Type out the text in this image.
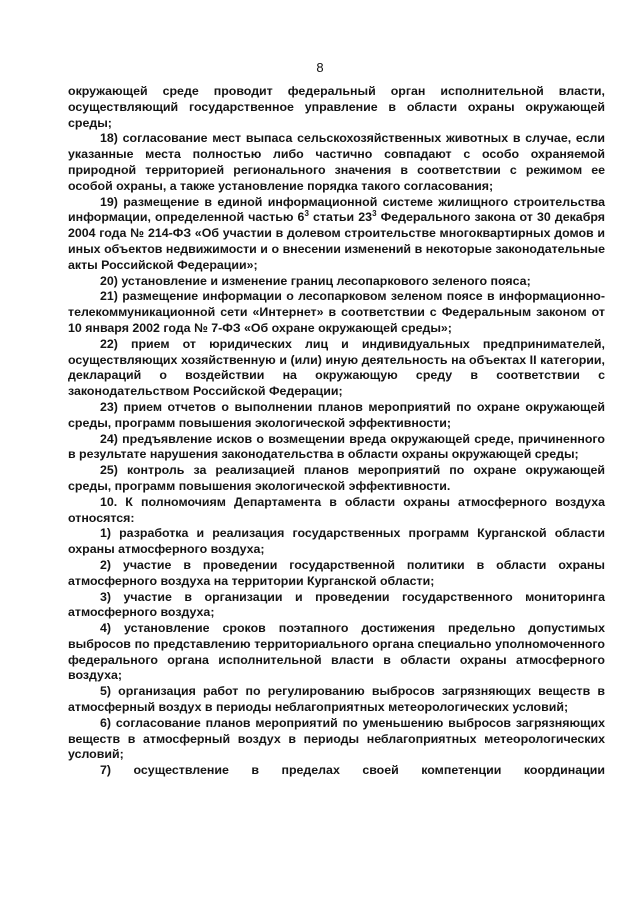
8

окружающей среде проводит федеральный орган исполнительной власти, осуществляющий государственное управление в области охраны окружающей среды;

18) согласование мест выпаса сельскохозяйственных животных в случае, если указанные места полностью либо частично совпадают с особо охраняемой природной территорией регионального значения в соответствии с режимом ее особой охраны, а также установление порядка такого согласования;

19) размещение в единой информационной системе жилищного строительства информации, определенной частью $6^3$ статьи $23^3$ Федерального закона от 30 декабря 2004 года № 214-ФЗ «Об участии в долевом строительстве многоквартирных домов и иных объектов недвижимости и о внесении изменений в некоторые законодательные акты Российской Федерации»;

20) установление и изменение границ лесопаркового зеленого пояса;

21) размещение информации о лесопарковом зеленом поясе в информационно-телекоммуникационной сети «Интернет» в соответствии с Федеральным законом от 10 января 2002 года № 7-ФЗ «Об охране окружающей среды»;

22) прием от юридических лиц и индивидуальных предпринимателей, осуществляющих хозяйственную и (или) иную деятельность на объектах II категории, деклараций о воздействии на окружающую среду в соответствии с законодательством Российской Федерации;

23) прием отчетов о выполнении планов мероприятий по охране окружающей среды, программ повышения экологической эффективности;

24) предъявление исков о возмещении вреда окружающей среде, причиненного в результате нарушения законодательства в области охраны окружающей среды;

25) контроль за реализацией планов мероприятий по охране окружающей среды, программ повышения экологической эффективности.

10. К полномочиям Департамента в области охраны атмосферного воздуха относятся:

1) разработка и реализация государственных программ Курганской области охраны атмосферного воздуха;

2) участие в проведении государственной политики в области охраны атмосферного воздуха на территории Курганской области;

3) участие в организации и проведении государственного мониторинга атмосферного воздуха;

4) установление сроков поэтапного достижения предельно допустимых выбросов по представлению территориального органа специально уполномоченного федерального органа исполнительной власти в области охраны атмосферного воздуха;

5) организация работ по регулированию выбросов загрязняющих веществ в атмосферный воздух в периоды неблагоприятных метеорологических условий;

6) согласование планов мероприятий по уменьшению выбросов загрязняющих веществ в атмосферный воздух в периоды неблагоприятных метеорологических условий;

7) осуществление в пределах своей компетенции координации
